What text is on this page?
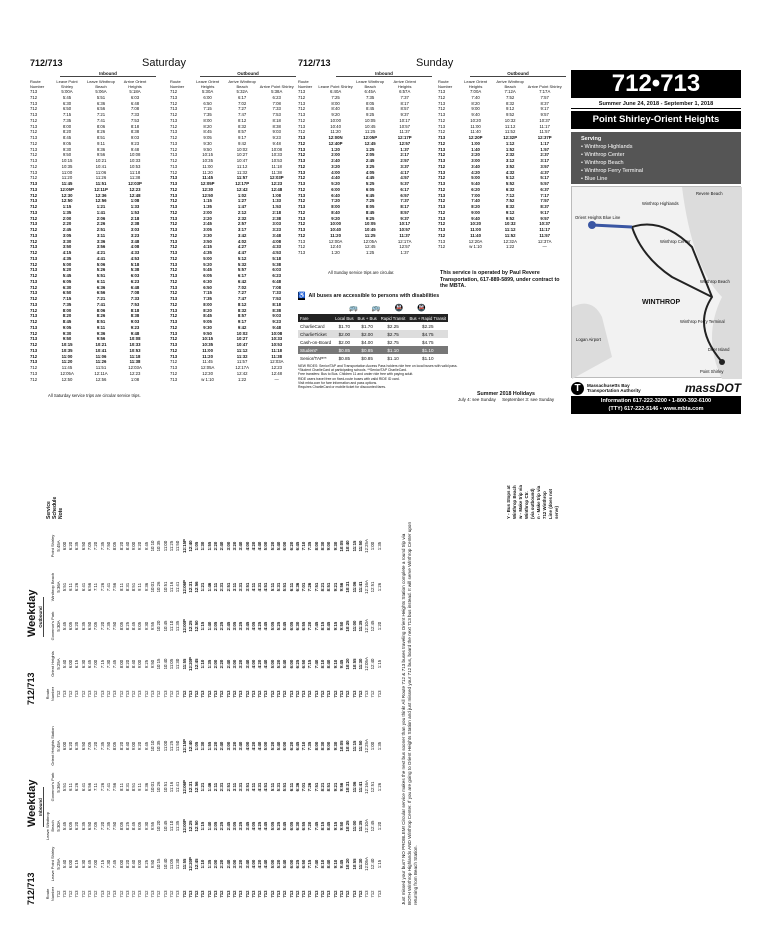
712/713	Saturday
Inbound	Outbound
Route Number	Leave Point Shirley	Leave Winthrop Beach	Arrive Orient Heights
713	5:00A	5:06A	5:18A
712	5:45	5:51	6:03
713	6:30	6:36	6:48
712	6:50	6:56	7:08
713	7:15	7:21	7:33
712	7:35	7:41	7:53
713	8:00	8:06	8:18
712	8:20	8:26	8:38
713	8:45	8:51	9:03
712	9:05	9:11	9:23
713	9:30	9:36	9:48
712	9:50	9:56	10:08
713	10:15	10:21	10:33
712	10:35	10:41	10:53
713	11:00	11:06	11:18
712	11:20	11:26	11:38
713	11:45	11:51	12:03P
713	12:05P	12:11P	12:23
712	12:30	12:36	12:48
713	12:50	12:56	1:08
712	1:15	1:21	1:33
713	1:35	1:41	1:53
712	2:00	2:06	2:18
713	2:20	2:26	2:38
712	2:45	2:51	3:03
713	3:05	3:11	3:23
712	3:30	3:36	3:48
713	3:50	3:56	4:08
712	4:15	4:21	4:33
713	4:35	4:41	4:53
712	5:00	5:06	5:18
713	5:20	5:26	5:38
712	5:45	5:51	6:03
713	6:05	6:11	6:23
712	6:30	6:36	6:48
713	6:50	6:56	7:08
712	7:15	7:21	7:33
713	7:35	7:41	7:53
712	8:00	8:06	8:18
713	8:20	8:26	8:38
712	8:45	8:51	9:03
713	9:05	9:11	9:23
712	9:30	9:36	9:48
713	9:50	9:56	10:08
712	10:15	10:21	10:33
713	10:35	10:41	10:53
712	11:00	11:06	11:18
713	11:20	11:26	11:38
712	11:45	11:51	12:03A
713	12:05A	12:11A	12:23
712	12:50	12:56	1:08
Route Number	Leave Orient Heights	Arrive Winthrop Beach	Arrive Point Shirley
712	5:30A	5:32A	5:38A
713	6:00	6:17	6:23
712	6:50	7:02	7:08
713	7:15	7:27	7:33
712	7:35	7:47	7:53
713	8:00	8:12	8:18
712	8:20	8:32	8:38
713	8:45	8:57	9:03
712	9:05	9:17	9:23
713	9:30	9:42	9:48
712	9:50	10:02	10:08
713	10:15	10:27	10:33
712	10:35	10:47	10:53
713	11:00	11:12	11:18
712	11:20	11:32	11:38
713	11:45	11:57	12:03P
713	12:05P	12:17P	12:23
712	12:30	12:42	12:48
713	12:50	1:02	1:08
712	1:15	1:27	1:33
713	1:35	1:47	1:53
712	2:00	2:12	2:18
713	2:20	2:32	2:38
712	2:45	2:57	3:03
713	3:05	3:17	3:23
712	3:30	3:42	3:48
713	3:50	4:02	4:08
712	4:15	4:27	4:33
713	4:35	4:47	4:53
712	5:00	5:12	5:18
713	5:20	5:32	5:38
712	5:45	5:57	6:03
713	6:05	6:17	6:23
712	6:30	6:42	6:48
713	6:50	7:02	7:08
712	7:15	7:27	7:33
713	7:35	7:47	7:53
712	8:00	8:12	8:18
713	8:20	8:32	8:38
712	8:45	8:57	9:03
713	9:05	9:17	9:23
712	9:30	9:42	9:48
713	9:50	10:02	10:08
712	10:15	10:27	10:33
713	10:35	10:47	10:53
712	11:00	11:12	11:18
713	11:20	11:32	11:38
712	11:45	11:57	12:03A
713	12:05A	12:17A	12:23
712	12:30	12:42	12:48
713	w 1:10	1:22	—
All Saturday service trips are circular service trips.
712/713	Sunday
Inbound	Outbound
Route Number	Leave Point Shirley	Leave Winthrop Beach	Arrive Orient Heights
713	6:40A	6:45A	6:57A
712	7:25	7:35	7:37
713	8:00	8:05	8:17
712	8:40	8:45	8:57
713	9:20	9:25	9:37
712	10:00	10:05	10:17
713	10:40	10:45	10:57
712	11:20	11:25	11:37
713	12:00N	12:05P	12:17P
712	12:40P	12:45	12:57
713	1:20	1:25	1:37
712	2:00	2:05	2:17
713	2:40	2:45	2:57
712	3:20	3:25	3:37
713	4:00	4:05	4:17
712	4:40	4:45	4:57
713	5:20	5:25	5:37
712	6:00	6:05	6:17
713	6:40	6:45	6:57
712	7:20	7:25	7:37
713	8:00	8:05	8:17
712	8:40	8:45	8:57
713	9:20	9:25	9:37
712	10:00	10:05	10:17
713	10:40	10:45	10:57
712	11:20	11:25	11:37
713	12:00A	12:05A	12:17A
712	12:40	12:45	12:57
713	1:20	1:25	1:37
Route Number	Leave Orient Heights	Arrive Winthrop Beach	Arrive Point Shirley
713	7:00A	7:12A	7:17A
712	7:40	7:52	7:57
713	8:20	8:32	8:37
712	9:00	9:12	9:17
713	9:40	9:52	9:57
712	10:20	10:32	10:37
713	11:00	11:12	11:17
712	11:40	11:52	11:57
713	12:20P	12:32P	12:37P
712	1:00	1:12	1:17
713	1:40	1:52	1:57
712	2:20	2:32	2:37
713	3:00	3:12	3:17
712	3:40	3:52	3:57
713	4:20	4:32	4:37
712	5:00	5:12	5:17
713	5:40	5:52	5:57
712	6:20	6:32	6:37
713	7:00	7:12	7:17
712	7:40	7:52	7:57
713	8:20	8:32	8:37
712	9:00	9:12	9:17
713	9:40	9:52	9:57
712	10:20	10:32	10:37
713	11:00	11:12	11:17
712	11:40	11:52	11:57
713	12:20A	12:32A	12:37A
712	w 1:10	1:22	—
All Sunday service trips are circular.	This service is operated by Paul Revere Transportation, 617-889-5899, under contract to the MBTA.
♿ All buses are accessible to persons with disabilities
🚌 🚌 🚇 🚇
Fare	Local Bus	Bus + Bus	Rapid Transit	Bus + Rapid Transit
CharlieCard	$1.70	$1.70	$2.25	$2.25
CharlieTicket	$2.00	$2.00	$2.75	$4.75
Cash-on-Board	$2.00	$4.00	$2.75	$4.75
Student*	$0.85	$0.85	$1.10	$1.10
Senior/TAP**	$0.85	$0.85	$1.10	$1.10
NEW RIDES: Senior/TAP and Transportation Access Pass holders ride free on local buses with valid pass.
*Student CharlieCard at participating schools. **Senior/TAP CharlieCard.
Free transfers: Bus to Bus. Children 11 and under ride free with paying adult.
RIDE users travel free on fixed-route buses with valid RIDE ID card.
Visit mbta.com for fare information and pass options.
Requires CharlieCard or mobile ticket for discounted fares.
Summer 2018 Holidays
July 4: see Sunday     September 3: see Sunday
712•713
Summer June 24, 2018 - September 1, 2018
Point Shirley-Orient Heights
Serving
• Winthrop Highlands
• Winthrop Center
• Winthrop Beach
• Winthrop Ferry Terminal
• Blue Line
Orient Heights Blue Line
Winthrop Highlands
Winthrop Center
Winthrop Beach
WINTHROP
Logan Airport
Winthrop Ferry Terminal
Point Shirley
Revere Beach
Deer Island
T	Massachusetts Bay Transportation Authority	massDOT
Information 617-222-3200 • 1-800-392-6100
(TTY) 617-222-5146 • www.mbta.com
712/713
Weekday Inbound
Route Number	Leave Point Shirley	Leave Winthrop Beach	Governor's Park	Orient Heights Station
712	5:25A	5:30A	5:36A	5:45A
713	5:40	5:45	5:51	6:00
712	6:00	6:05	6:11	6:20
713	6:15	6:20	6:26	6:35
712	6:30	6:35	6:41	6:50
713	6:45	6:50	6:56	7:05
712	7:00	7:05	7:11	7:20
713	7:15	7:20	7:26	7:35
712	7:30	7:35	7:41	7:50
713	7:45	7:50	7:56	8:05
712	8:00	8:05	8:11	8:20
713	8:20	8:25	8:31	8:40
712	8:40	8:45	8:51	9:00
713	9:00	9:05	9:11	9:20
712	9:25	9:30	9:36	9:45
713	9:50	9:55	10:01	10:10
712	10:15	10:20	10:26	10:35
713	10:40	10:45	10:51	11:00
712	11:05	11:10	11:16	11:25
713	11:30	11:35	11:41	11:50
712	11:55	12:00P	12:06P	12:15P
713	12:20P	12:25	12:31	12:40
712	12:45	12:50	12:56	1:05
713	1:10	1:15	1:21	1:30
712	1:35	1:40	1:46	1:55
713	2:00	2:05	2:11	2:20
712	2:20	2:25	2:31	2:40
713	2:40	2:45	2:51	3:00
712	3:00	3:05	3:11	3:20
713	3:20	3:25	3:31	3:40
712	3:40	3:45	3:51	4:00
713	4:00	4:05	4:11	4:20
712	4:20	4:25	4:31	4:40
713	4:40	4:45	4:51	5:00
712	5:00	5:05	5:11	5:20
713	5:20	5:25	5:31	5:40
712	5:40	5:45	5:51	6:00
713	6:00	6:05	6:11	6:20
712	6:25	6:30	6:36	6:45
713	6:50	6:55	7:01	7:10
712	7:15	7:20	7:26	7:35
713	7:40	7:45	7:51	8:00
712	8:10	8:15	8:21	8:30
713	8:40	8:45	8:51	9:00
712	9:10	9:15	9:21	9:30
713	9:45	9:50	9:56	10:05
712	10:20	10:25	10:31	10:40
713	10:55	11:00	11:06	11:15
712	11:30	11:35	11:41	11:50
713	12:05A	12:10A	12:16A	12:25A
712	12:40	12:45	12:51	1:00
713	1:15	1:20	1:26	1:35
712/713
Weekday Outbound
Route Number	Orient Heights	Governor's Park	Winthrop Beach	Point Shirley
712	5:25A	5:30A	5:36A	5:45A
713	5:40	5:45	5:51	6:00
712	6:00	6:05	6:11	6:20
713	6:15	6:20	6:26	6:35
712	6:30	6:35	6:41	6:50
713	6:45	6:50	6:56	7:05
712	7:00	7:05	7:11	7:20
713	7:15	7:20	7:26	7:35
712	7:30	7:35	7:41	7:50
713	7:45	7:50	7:56	8:05
712	8:00	8:05	8:11	8:20
713	8:20	8:25	8:31	8:40
712	8:40	8:45	8:51	9:00
713	9:00	9:05	9:11	9:20
712	9:25	9:30	9:36	9:45
713	9:50	9:55	10:01	10:10
712	10:15	10:20	10:26	10:35
713	10:40	10:45	10:51	11:00
712	11:05	11:10	11:16	11:25
713	11:30	11:35	11:41	11:50
712	11:55	12:00P	12:06P	12:15P
713	12:20P	12:25	12:31	12:40
712	12:45	12:50	12:56	1:05
713	1:10	1:15	1:21	1:30
712	1:35	1:40	1:46	1:55
713	2:00	2:05	2:11	2:20
712	2:20	2:25	2:31	2:40
713	2:40	2:45	2:51	3:00
712	3:00	3:05	3:11	3:20
713	3:20	3:25	3:31	3:40
712	3:40	3:45	3:51	4:00
713	4:00	4:05	4:11	4:20
712	4:20	4:25	4:31	4:40
713	4:40	4:45	4:51	5:00
712	5:00	5:05	5:11	5:20
713	5:20	5:25	5:31	5:40
712	5:40	5:45	5:51	6:00
713	6:00	6:05	6:11	6:20
712	6:25	6:30	6:36	6:45
713	6:50	6:55	7:01	7:10
712	7:15	7:20	7:26	7:35
713	7:40	7:45	7:51	8:00
712	8:10	8:15	8:21	8:30
713	8:40	8:45	8:51	9:00
712	9:10	9:15	9:21	9:30
713	9:45	9:50	9:56	10:05
712	10:20	10:25	10:31	10:40
713	10:55	11:00	11:06	11:15
712	11:30	11:35	11:41	11:50
713	12:05A	12:10A	12:16A	12:25A
712	12:40	12:45	12:51	1:00
713	1:15	1:20	1:26	1:35
Y - Bus Stops at Winthrop Beach w - Make trip via Winthrop Ctr. (via outbound) n - Make trip via 712 Winthrop Line (does not serve)
Service Schedule Note
Just missed your bus? NO PROBLEM! Circular service makes the next bus sooner than you think! All Route 712 & 713 buses traveling Orient Heights Station complete a round trip via BOTH Winthrop Highlands AND Winthrop Center. If you are going to Orient Heights Station and just missed your 712 bus, board the next 713 bus instead. It will serve Winthrop Center upon returning from Beach Station.
